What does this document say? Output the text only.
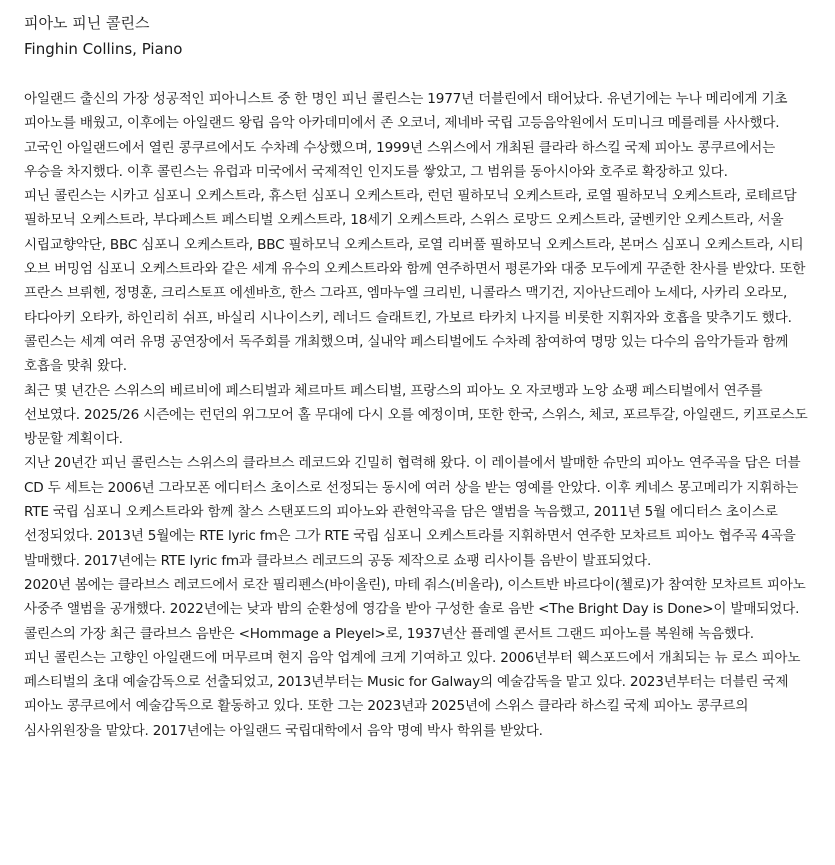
피아노 피닌 콜린스
Finghin Collins, Piano

아일랜드 출신의 가장 성공적인 피아니스트 중 한 명인 피닌 콜린스는 1977년 더블린에서 태어났다. 유년기에는 누나 메리에게 기초 피아노를 배웠고, 이후에는 아일랜드 왕립 음악 아카데미에서 존 오코너, 제네바 국립 고등음악원에서 도미니크 메를레를 사사했다. 고국인 아일랜드에서 열린 콩쿠르에서도 수차례 수상했으며, 1999년 스위스에서 개최된 클라라 하스킬 국제 피아노 콩쿠르에서는 우승을 차지했다. 이후 콜린스는 유럽과 미국에서 국제적인 인지도를 쌓았고, 그 범위를 동아시아와 호주로 확장하고 있다.

피닌 콜린스는 시카고 심포니 오케스트라, 휴스턴 심포니 오케스트라, 런던 필하모닉 오케스트라, 로열 필하모닉 오케스트라, 로테르담 필하모닉 오케스트라, 부다페스트 페스티벌 오케스트라, 18세기 오케스트라, 스위스 로망드 오케스트라, 굴벤키안 오케스트라, 서울 시립교향악단, BBC 심포니 오케스트라, BBC 필하모닉 오케스트라, 로열 리버풀 필하모닉 오케스트라, 본머스 심포니 오케스트라, 시티 오브 버밍엄 심포니 오케스트라와 같은 세계 유수의 오케스트라와 함께 연주하면서 평론가와 대중 모두에게 꾸준한 찬사를 받았다. 또한 프란스 브뤼헨, 정명훈, 크리스토프 에센바흐, 한스 그라프, 엠마누엘 크리빈, 니콜라스 맥기건, 지아난드레아 노세다, 사카리 오라모, 타다아키 오타카, 하인리히 쉬프, 바실리 시나이스키, 레너드 슬래트킨, 가보르 타카치 나지를 비롯한 지휘자와 호흡을 맞추기도 했다. 콜린스는 세계 여러 유명 공연장에서 독주회를 개최했으며, 실내악 페스티벌에도 수차례 참여하여 명망 있는 다수의 음악가들과 함께 호흡을 맞춰 왔다.

최근 몇 년간은 스위스의 베르비에 페스티벌과 체르마트 페스티벌, 프랑스의 피아노 오 자코뱅과 노앙 쇼팽 페스티벌에서 연주를 선보였다. 2025/26 시즌에는 런던의 위그모어 홀 무대에 다시 오를 예정이며, 또한 한국, 스위스, 체코, 포르투갈, 아일랜드, 키프로스도 방문할 계획이다.

지난 20년간 피닌 콜린스는 스위스의 클라브스 레코드와 긴밀히 협력해 왔다. 이 레이블에서 발매한 슈만의 피아노 연주곡을 담은 더블 CD 두 세트는 2006년 그라모폰 에디터스 초이스로 선정되는 동시에 여러 상을 받는 영예를 안았다. 이후 케네스 몽고메리가 지휘하는 RTE 국립 심포니 오케스트라와 함께 찰스 스탠포드의 피아노와 관현악곡을 담은 앨범을 녹음했고, 2011년 5월 에디터스 초이스로 선정되었다. 2013년 5월에는 RTE lyric fm은 그가 RTE 국립 심포니 오케스트라를 지휘하면서 연주한 모차르트 피아노 협주곡 4곡을 발매했다. 2017년에는 RTE lyric fm과 클라브스 레코드의 공동 제작으로 쇼팽 리사이틀 음반이 발표되었다.

2020년 봄에는 클라브스 레코드에서 로잔 필리펜스(바이올린), 마테 줘스(비올라), 이스트반 바르다이(첼로)가 참여한 모차르트 피아노 사중주 앨범을 공개했다. 2022년에는 낮과 밤의 순환성에 영감을 받아 구성한 솔로 음반 <The Bright Day is Done>이 발매되었다. 콜린스의 가장 최근 클라브스 음반은 <Hommage a Pleyel>로, 1937년산 플레엘 콘서트 그랜드 피아노를 복원해 녹음했다.

피닌 콜린스는 고향인 아일랜드에 머무르며 현지 음악 업계에 크게 기여하고 있다. 2006년부터 웩스포드에서 개최되는 뉴 로스 피아노 페스티벌의 초대 예술감독으로 선출되었고, 2013년부터는 Music for Galway의 예술감독을 맡고 있다. 2023년부터는 더블린 국제 피아노 콩쿠르에서 예술감독으로 활동하고 있다. 또한 그는 2023년과 2025년에 스위스 클라라 하스킬 국제 피아노 콩쿠르의 심사위원장을 맡았다. 2017년에는 아일랜드 국립대학에서 음악 명예 박사 학위를 받았다.
